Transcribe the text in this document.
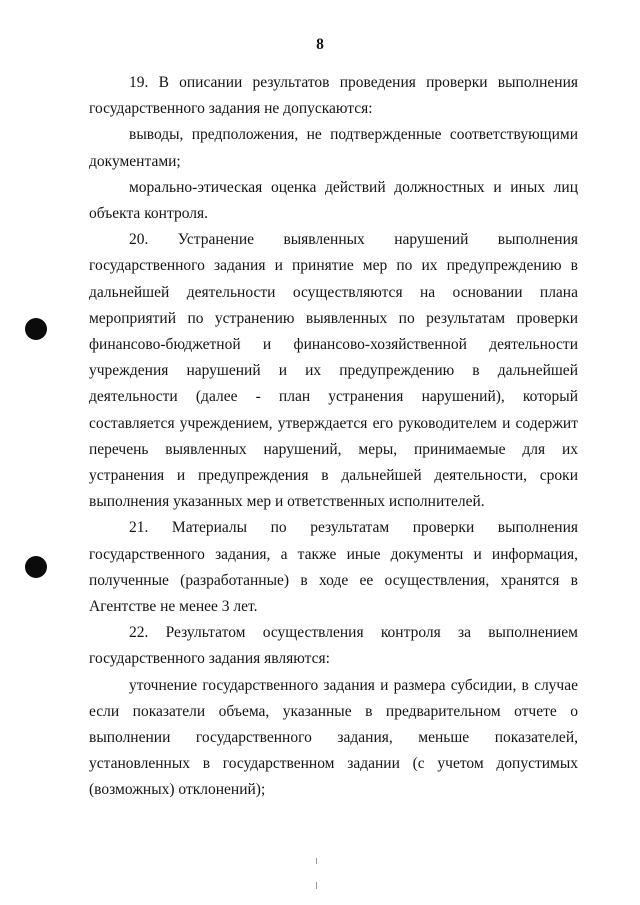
8

19. В описании результатов проведения проверки выполнения государственного задания не допускаются:

выводы, предположения, не подтвержденные соответствующими документами;

морально-этическая оценка действий должностных и иных лиц объекта контроля.

20. Устранение выявленных нарушений выполнения государственного задания и принятие мер по их предупреждению в дальнейшей деятельности осуществляются на основании плана мероприятий по устранению выявленных по результатам проверки финансово-бюджетной и финансово-хозяйственной деятельности учреждения нарушений и их предупреждению в дальнейшей деятельности (далее - план устранения нарушений), который составляется учреждением, утверждается его руководителем и содержит перечень выявленных нарушений, меры, принимаемые для их устранения и предупреждения в дальнейшей деятельности, сроки выполнения указанных мер и ответственных исполнителей.

21. Материалы по результатам проверки выполнения государственного задания, а также иные документы и информация, полученные (разработанные) в ходе ее осуществления, хранятся в Агентстве не менее 3 лет.

22. Результатом осуществления контроля за выполнением государственного задания являются:

уточнение государственного задания и размера субсидии, в случае если показатели объема, указанные в предварительном отчете о выполнении государственного задания, меньше показателей, установленных в государственном задании (с учетом допустимых (возможных) отклонений);
